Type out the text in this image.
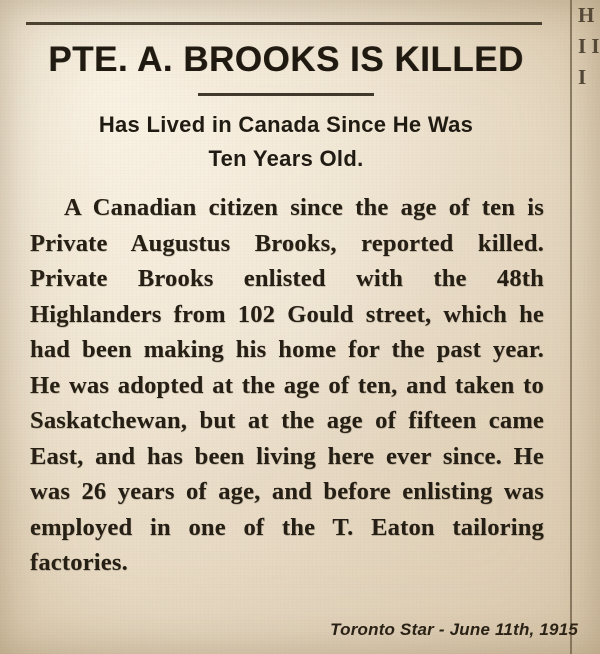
PTE. A. BROOKS IS KILLED
Has Lived in Canada Since He Was
Ten Years Old.
A Canadian citizen since the age of ten is Private Augustus Brooks, reported killed. Private Brooks enlisted with the 48th Highlanders from 102 Gould street, which he had been making his home for the past year. He was adopted at the age of ten, and taken to Saskatchewan, but at the age of fifteen came East, and has been living here ever since. He was 26 years of age, and before enlisting was employed in one of the T. Eaton tailoring factories.
H I I I
Toronto Star - June 11th, 1915
